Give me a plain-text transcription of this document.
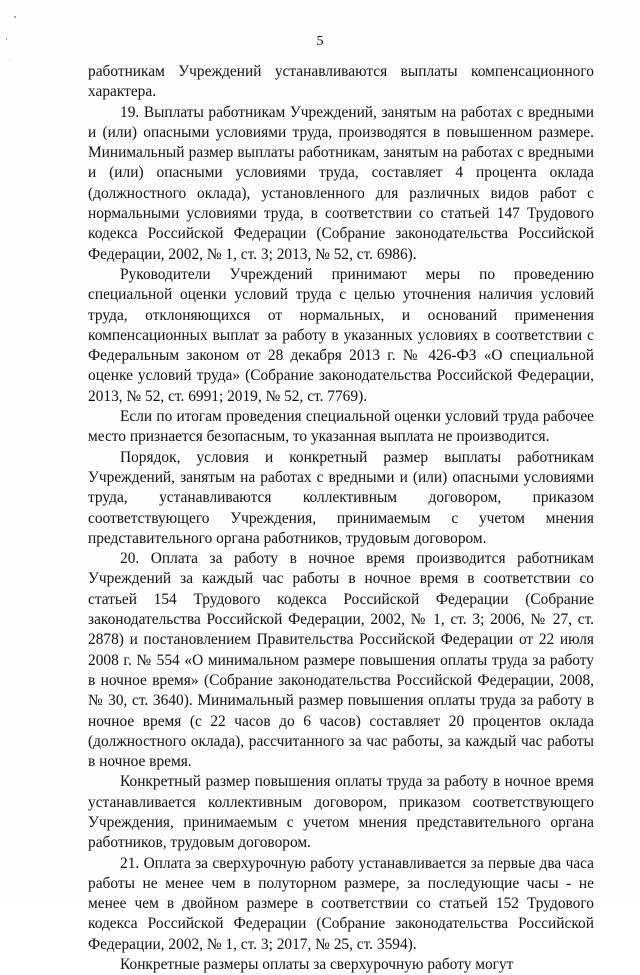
5

работникам Учреждений устанавливаются выплаты компенсационного характера.

19. Выплаты работникам Учреждений, занятым на работах с вредными и (или) опасными условиями труда, производятся в повышенном размере. Минимальный размер выплаты работникам, занятым на работах с вредными и (или) опасными условиями труда, составляет 4 процента оклада (должностного оклада), установленного для различных видов работ с нормальными условиями труда, в соответствии со статьей 147 Трудового кодекса Российской Федерации (Собрание законодательства Российской Федерации, 2002, № 1, ст. 3; 2013, № 52, ст. 6986).

Руководители Учреждений принимают меры по проведению специальной оценки условий труда с целью уточнения наличия условий труда, отклоняющихся от нормальных, и оснований применения компенсационных выплат за работу в указанных условиях в соответствии с Федеральным законом от 28 декабря 2013 г. № 426-ФЗ «О специальной оценке условий труда» (Собрание законодательства Российской Федерации, 2013, № 52, ст. 6991; 2019, № 52, ст. 7769).

Если по итогам проведения специальной оценки условий труда рабочее место признается безопасным, то указанная выплата не производится.

Порядок, условия и конкретный размер выплаты работникам Учреждений, занятым на работах с вредными и (или) опасными условиями труда, устанавливаются коллективным договором, приказом соответствующего Учреждения, принимаемым с учетом мнения представительного органа работников, трудовым договором.

20. Оплата за работу в ночное время производится работникам Учреждений за каждый час работы в ночное время в соответствии со статьей 154 Трудового кодекса Российской Федерации (Собрание законодательства Российской Федерации, 2002, № 1, ст. 3; 2006, № 27, ст. 2878) и постановлением Правительства Российской Федерации от 22 июля 2008 г. № 554 «О минимальном размере повышения оплаты труда за работу в ночное время» (Собрание законодательства Российской Федерации, 2008, № 30, ст. 3640). Минимальный размер повышения оплаты труда за работу в ночное время (с 22 часов до 6 часов) составляет 20 процентов оклада (должностного оклада), рассчитанного за час работы, за каждый час работы в ночное время.

Конкретный размер повышения оплаты труда за работу в ночное время устанавливается коллективным договором, приказом соответствующего Учреждения, принимаемым с учетом мнения представительного органа работников, трудовым договором.

21. Оплата за сверхурочную работу устанавливается за первые два часа работы не менее чем в полуторном размере, за последующие часы - не менее чем в двойном размере в соответствии со статьей 152 Трудового кодекса Российской Федерации (Собрание законодательства Российской Федерации, 2002, № 1, ст. 3; 2017, № 25, ст. 3594).

Конкретные размеры оплаты за сверхурочную работу могут
